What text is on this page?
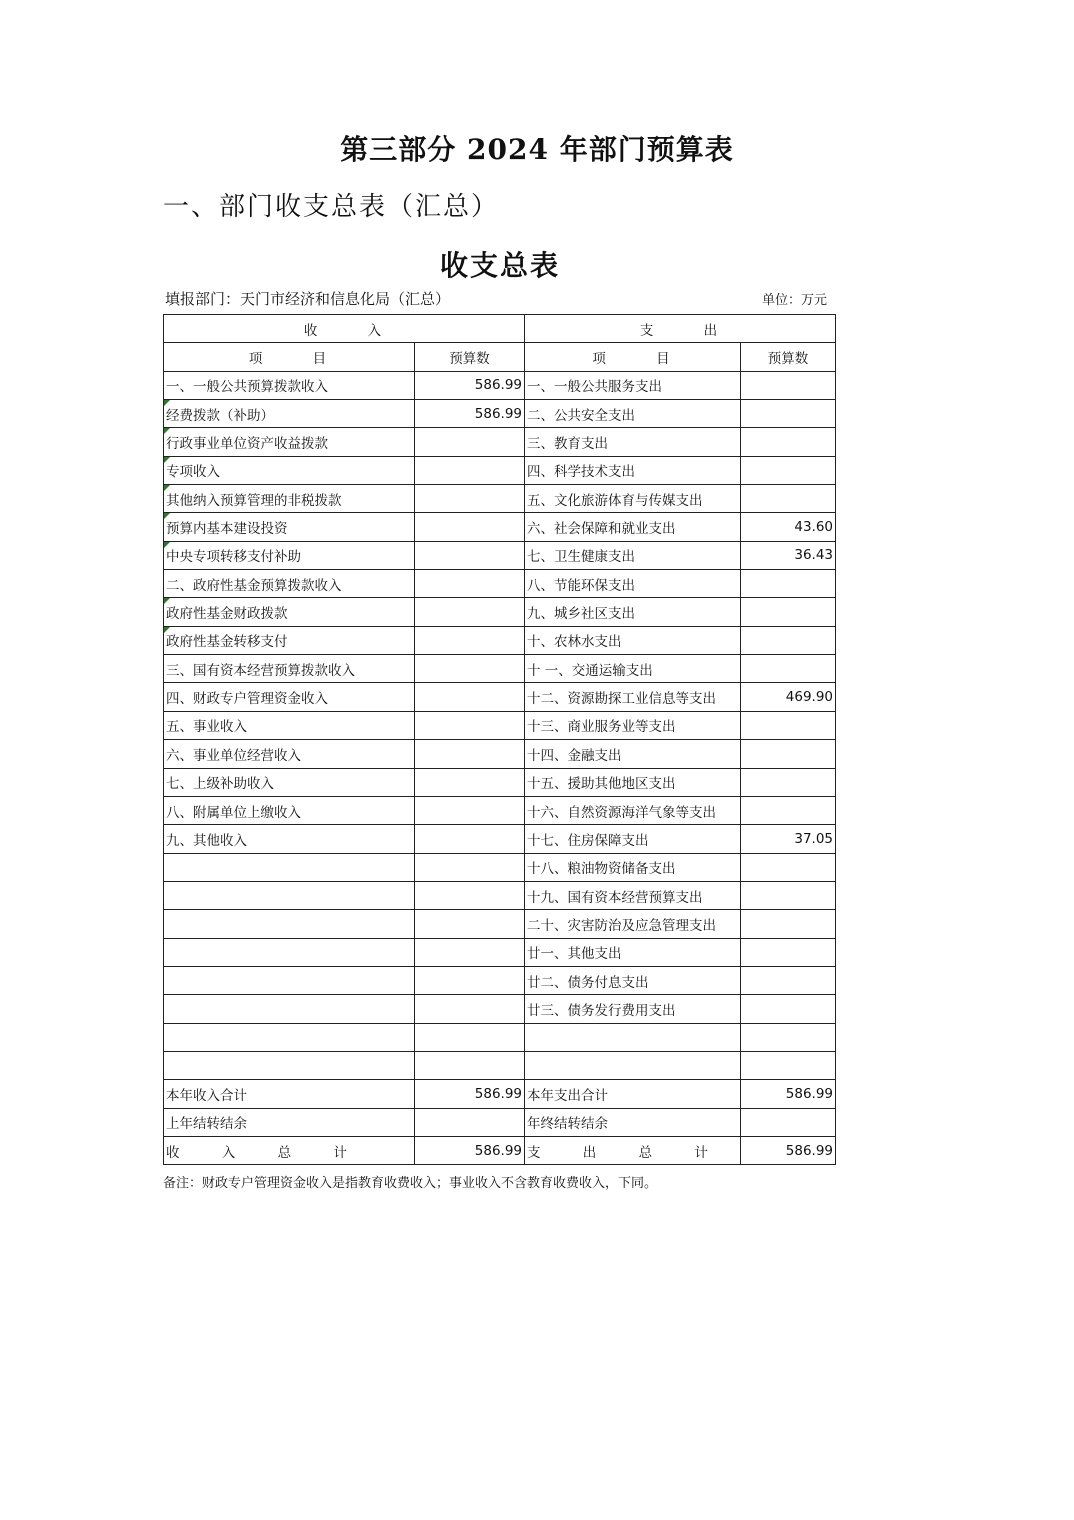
第三部分 2024 年部门预算表
一、部门收支总表（汇总）
收支总表
填报部门：天门市经济和信息化局（汇总）	单位：万元
收 入		支 出	
项 目	预算数	项 目	预算数
一、一般公共预算拨款收入	586.99	一、一般公共服务支出	
经费拨款（补助）	586.99	二、公共安全支出	
行政事业单位资产收益拨款		三、教育支出	
专项收入		四、科学技术支出	
其他纳入预算管理的非税拨款		五、文化旅游体育与传媒支出	
预算内基本建设投资		六、社会保障和就业支出	43.60
中央专项转移支付补助		七、卫生健康支出	36.43
二、政府性基金预算拨款收入		八、节能环保支出	
政府性基金财政拨款		九、城乡社区支出	
政府性基金转移支付		十、农林水支出	
三、国有资本经营预算拨款收入		十 一、交通运输支出	
四、财政专户管理资金收入		十二、资源勘探工业信息等支出	469.90
五、事业收入		十三、商业服务业等支出	
六、事业单位经营收入		十四、金融支出	
七、上级补助收入		十五、援助其他地区支出	
八、附属单位上缴收入		十六、自然资源海洋气象等支出	
九、其他收入		十七、住房保障支出	37.05
		十八、粮油物资储备支出	
		十九、国有资本经营预算支出	
		二十、灾害防治及应急管理支出	
		廿一、其他支出	
		廿二、债务付息支出	
		廿三、债务发行费用支出	

本年收入合计	586.99	本年支出合计	586.99
上年结转结余		年终结转结余	
收 入 总 计	586.99	支 出 总 计	586.99
备注：财政专户管理资金收入是指教育收费收入；事业收入不含教育收费收入，下同。
